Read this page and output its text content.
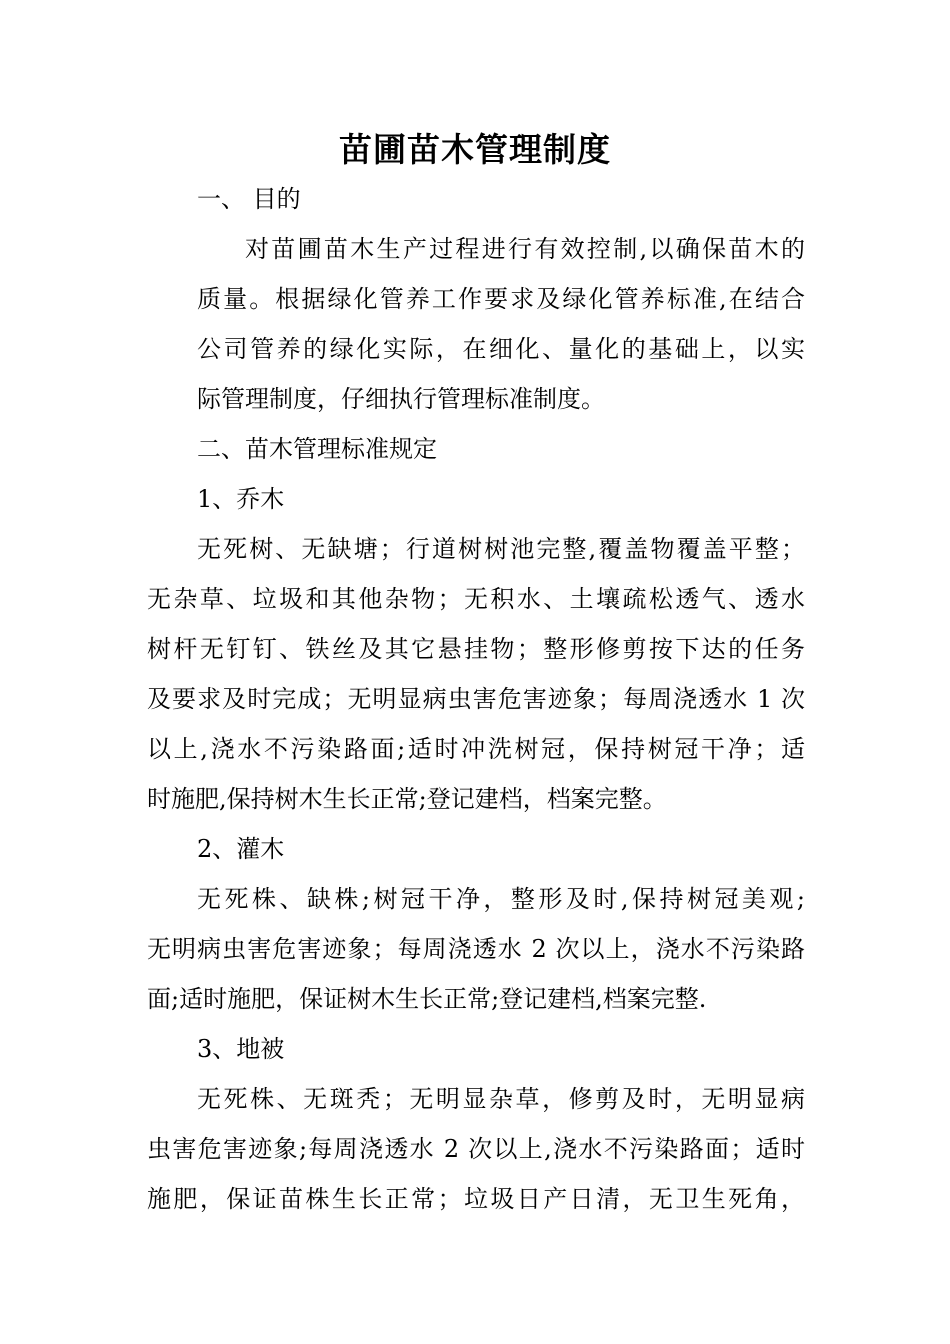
苗圃苗木管理制度
一、 目的
对苗圃苗木生产过程进行有效控制,以确保苗木的
质量。根据绿化管养工作要求及绿化管养标准,在结合
公司管养的绿化实际，在细化、量化的基础上，以实
际管理制度，仔细执行管理标准制度。
二、苗木管理标准规定
1、乔木
无死树、无缺塘；行道树树池完整,覆盖物覆盖平整；
无杂草、垃圾和其他杂物；无积水、土壤疏松透气、透水
树杆无钉钉、铁丝及其它悬挂物；整形修剪按下达的任务
及要求及时完成；无明显病虫害危害迹象；每周浇透水 1 次
以上,浇水不污染路面;适时冲洗树冠，保持树冠干净；适
时施肥,保持树木生长正常;登记建档，档案完整。
2、灌木
无死株、缺株;树冠干净，整形及时,保持树冠美观;
无明病虫害危害迹象；每周浇透水 2 次以上，浇水不污染路
面;适时施肥，保证树木生长正常;登记建档,档案完整.
3、地被
无死株、无斑秃；无明显杂草，修剪及时，无明显病
虫害危害迹象;每周浇透水 2 次以上,浇水不污染路面；适时
施肥，保证苗株生长正常；垃圾日产日清，无卫生死角，
